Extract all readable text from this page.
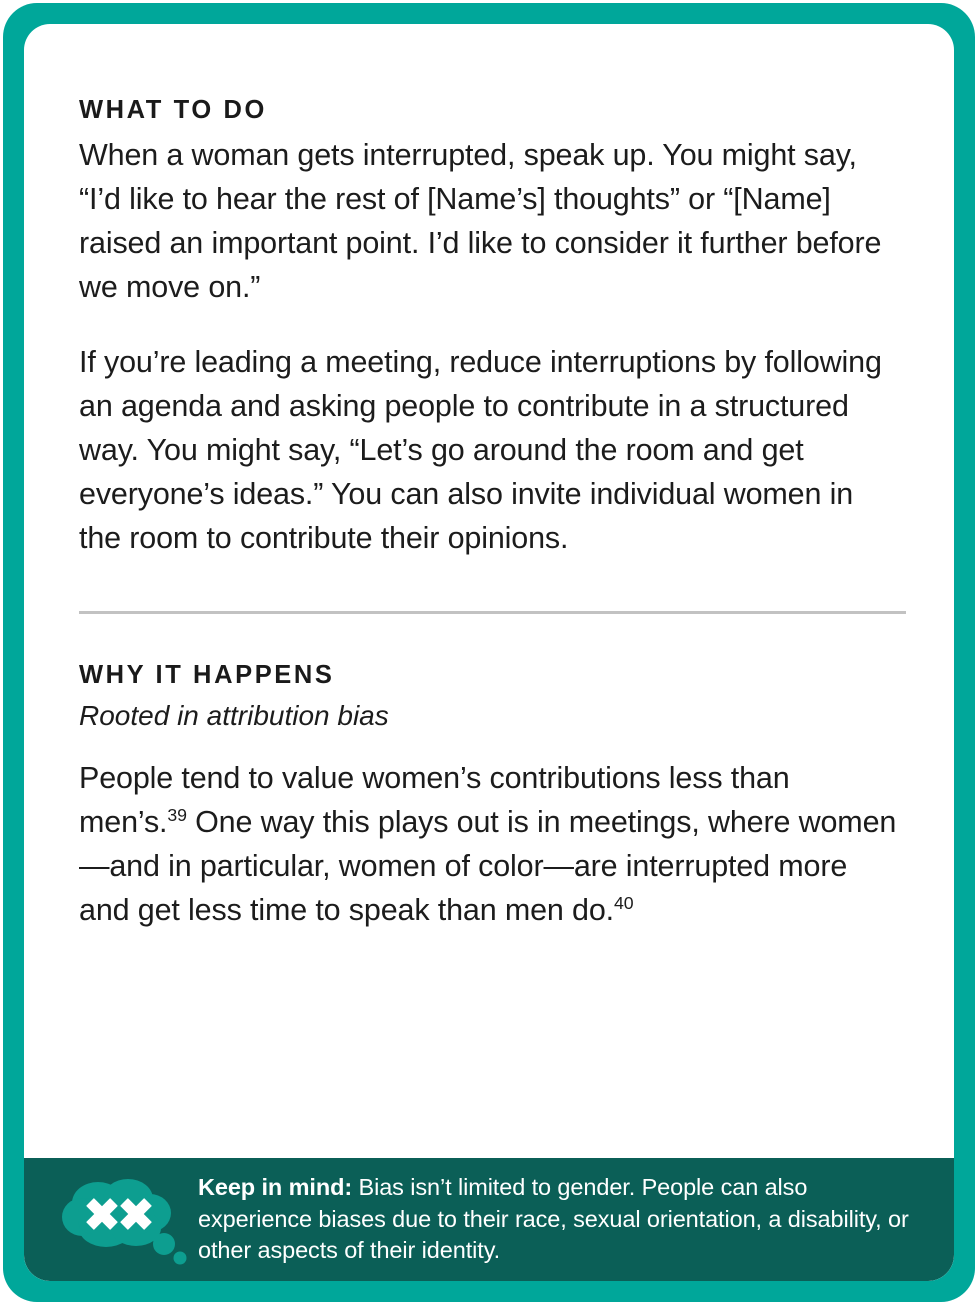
WHAT TO DO

When a woman gets interrupted, speak up. You might say, “I’d like to hear the rest of [Name’s] thoughts” or “[Name] raised an important point. I’d like to consider it further before we move on.”

If you’re leading a meeting, reduce interruptions by following an agenda and asking people to contribute in a structured way. You might say, “Let’s go around the room and get everyone’s ideas.” You can also invite individual women in the room to contribute their opinions.

WHY IT HAPPENS

Rooted in attribution bias

People tend to value women’s contributions less than men’s.$^{39}$ One way this plays out is in meetings, where women—and in particular, women of color—are interrupted more and get less time to speak than men do.$^{40}$

Keep in mind: Bias isn’t limited to gender. People can also experience biases due to their race, sexual orientation, a disability, or other aspects of their identity.
